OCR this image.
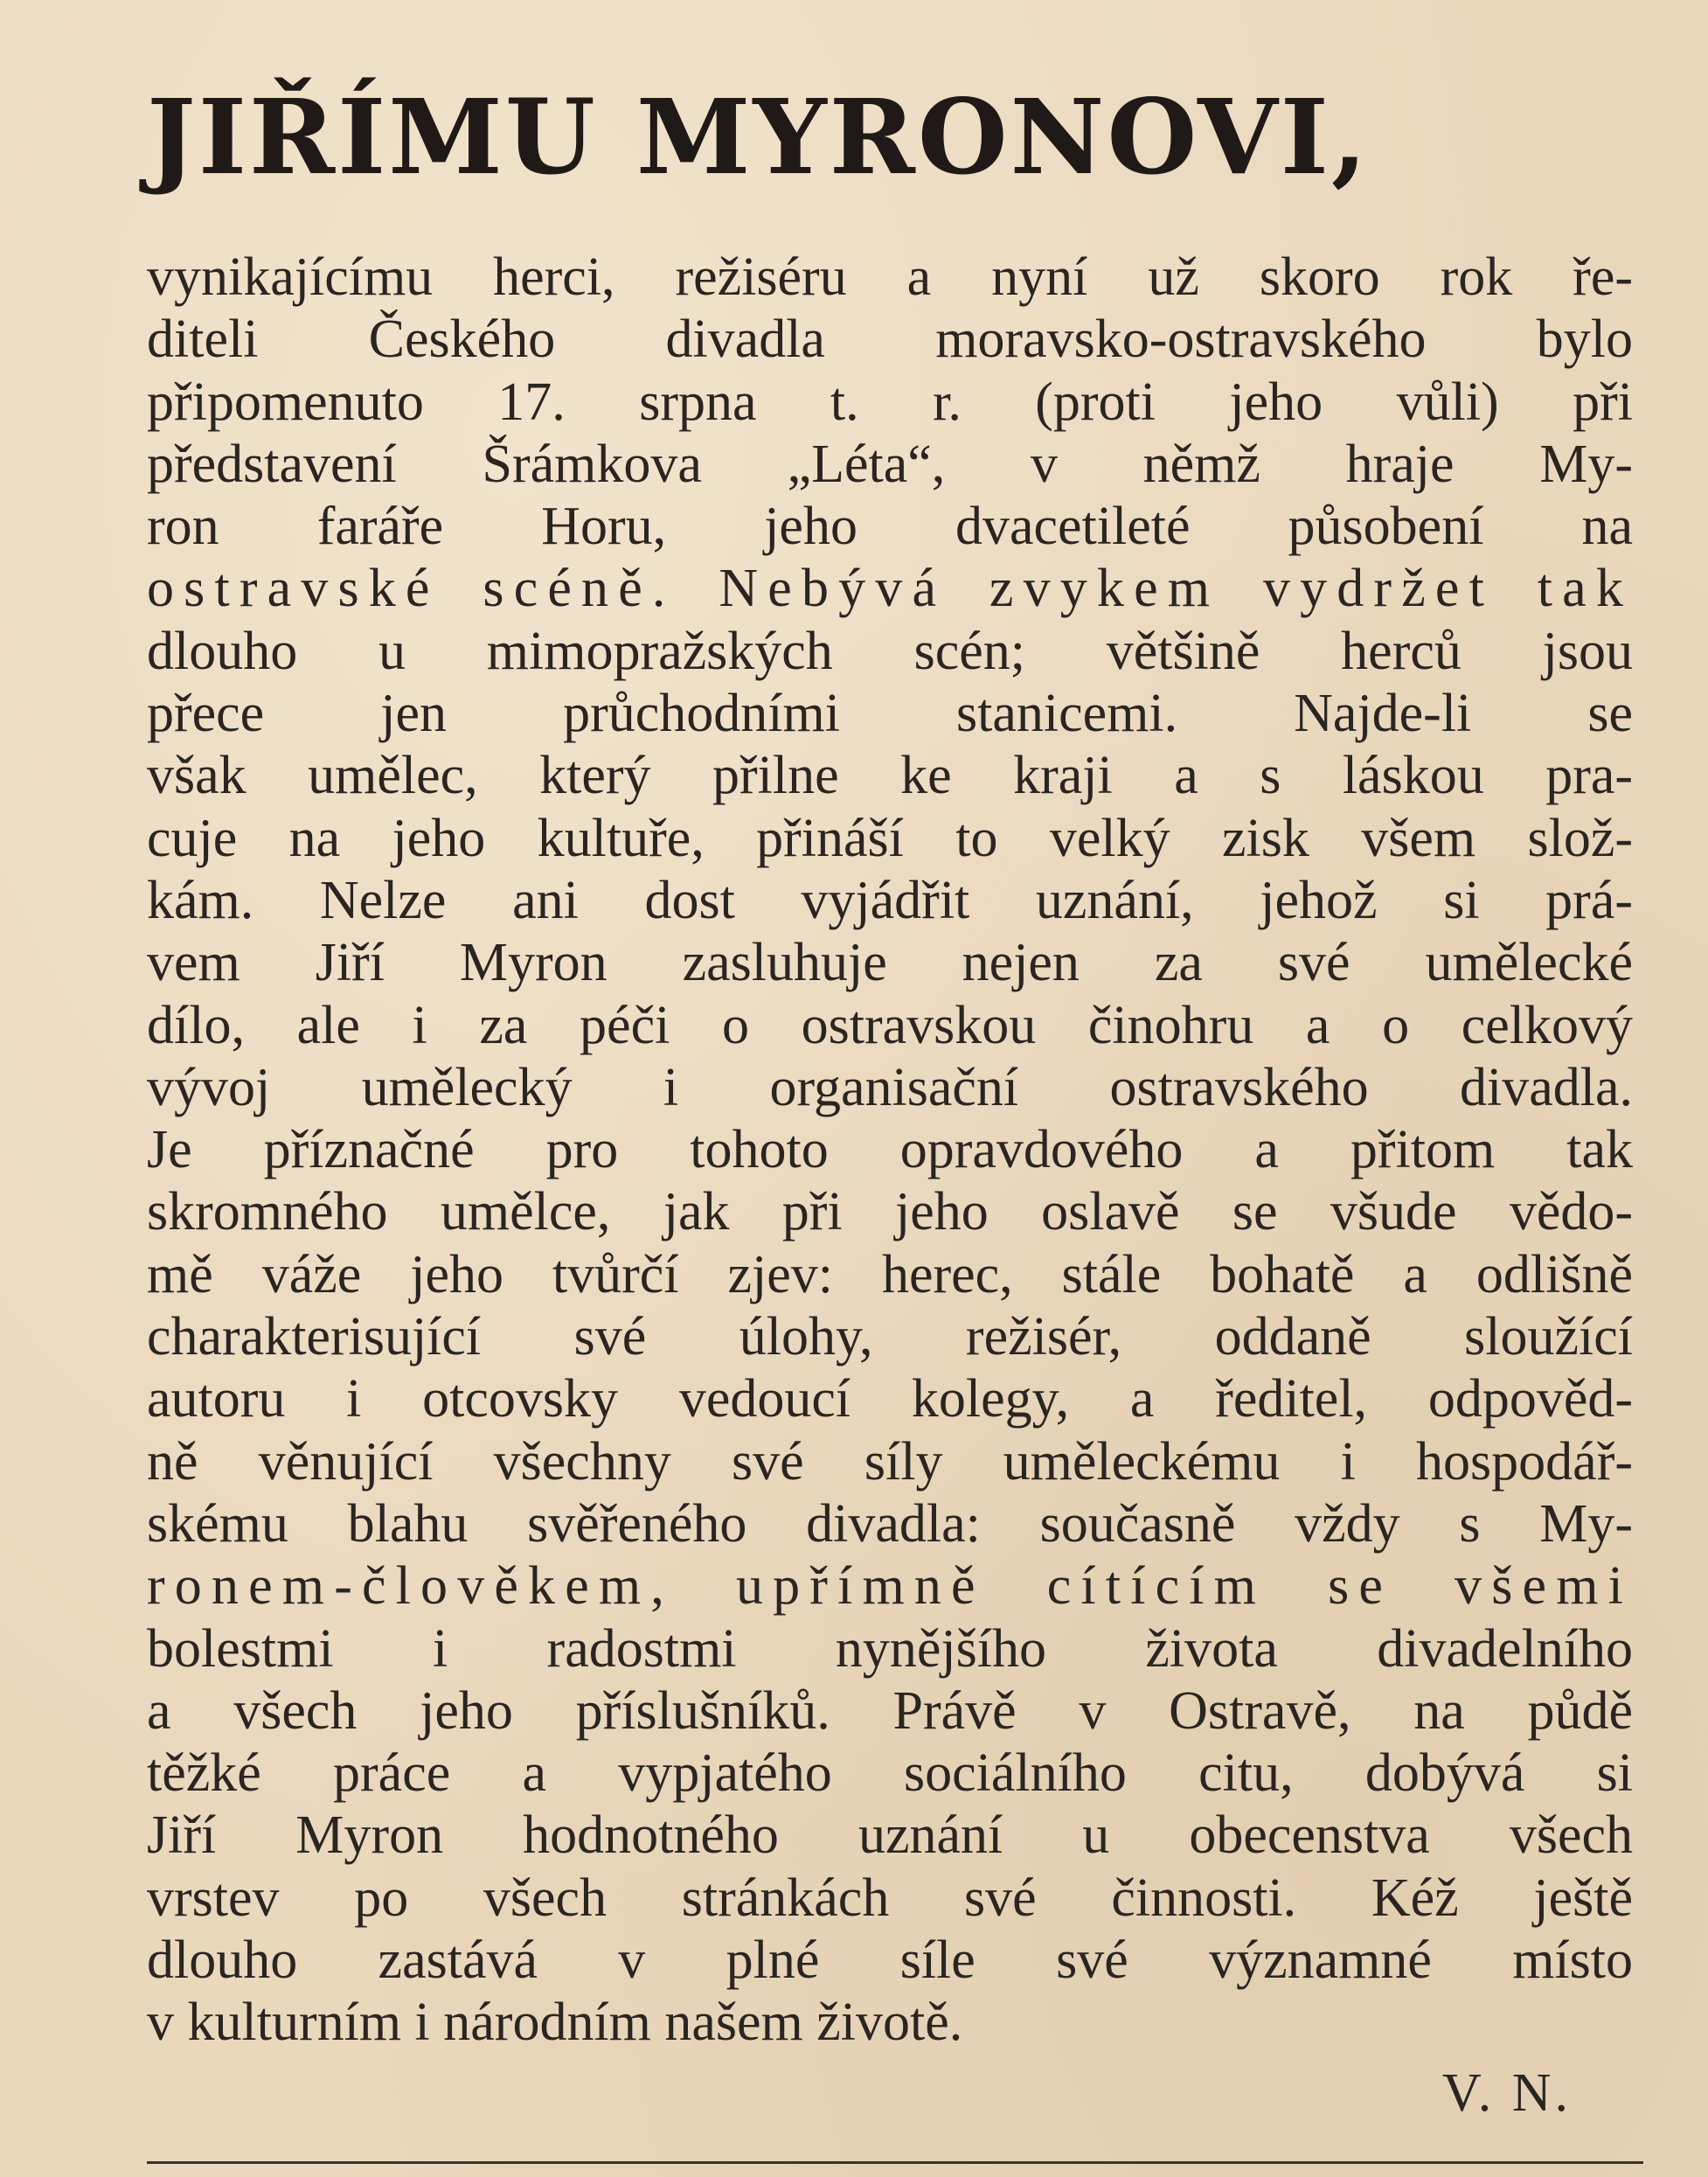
JIŘÍMU MYRONOVI,
vynikajícímu herci, režiséru a nyní už skoro rok ře-
diteli Českého divadla moravsko-ostravského bylo
připomenuto 17. srpna t. r. (proti jeho vůli) při
představení Šrámkova „Léta“, v němž hraje My-
ron faráře Horu, jeho dvacetileté působení na
ostravské scéně. Nebývá zvykem vydržet tak
dlouho u mimopražských scén; většině herců jsou
přece jen průchodními stanicemi. Najde-li se
však umělec, který přilne ke kraji a s láskou pra-
cuje na jeho kultuře, přináší to velký zisk všem slož-
kám. Nelze ani dost vyjádřit uznání, jehož si prá-
vem Jiří Myron zasluhuje nejen za své umělecké
dílo, ale i za péči o ostravskou činohru a o celkový
vývoj umělecký i organisační ostravského divadla.
Je příznačné pro tohoto opravdového a přitom tak
skromného umělce, jak při jeho oslavě se všude vědo-
mě váže jeho tvůrčí zjev: herec, stále bohatě a odlišně
charakterisující své úlohy, režisér, oddaně sloužící
autoru i otcovsky vedoucí kolegy, a ředitel, odpověd-
ně věnující všechny své síly uměleckému i hospodář-
skému blahu svěřeného divadla: současně vždy s My-
ronem-člověkem, upřímně cítícím se všemi
bolestmi i radostmi nynějšího života divadelního
a všech jeho příslušníků. Právě v Ostravě, na půdě
těžké práce a vypjatého sociálního citu, dobývá si
Jiří Myron hodnotného uznání u obecenstva všech
vrstev po všech stránkách své činnosti. Kéž ještě
dlouho zastává v plné síle své významné místo
v kulturním i národním našem životě.
V. N.
